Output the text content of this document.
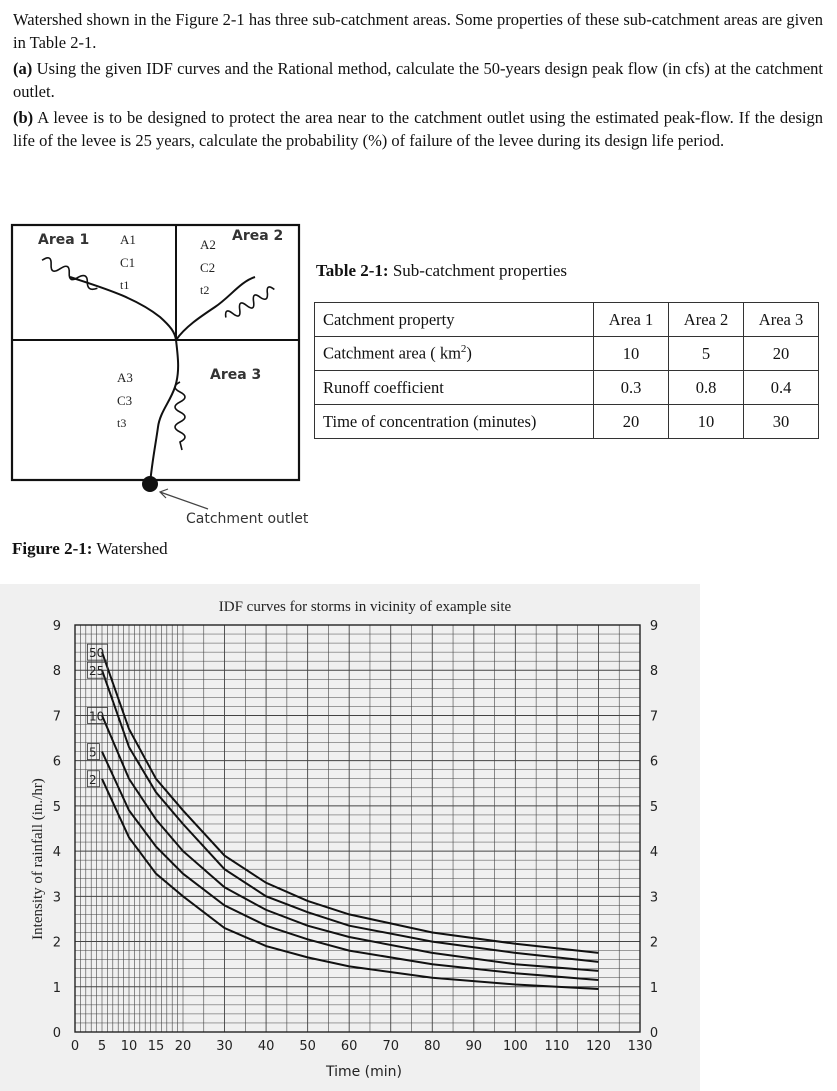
Watershed shown in the Figure 2-1 has three sub-catchment areas. Some properties of these sub-catchment areas are given in Table 2-1.

(a) Using the given IDF curves and the Rational method, calculate the 50-years design peak flow (in cfs) at the catchment outlet.

(b) A levee is to be designed to protect the area near to the catchment outlet using the estimated peak-flow. If the design life of the levee is 25 years, calculate the probability (%) of failure of the levee during its design life period.

Area 1 A1
C1
t1
A2
C2
t2
Area 2
Area 3
A3
C3
t3
Catchment outlet
Figure 2-1: Watershed
Table 2-1: Sub-catchment properties
Catchment property	Area 1	Area 2	Area 3
Catchment area ( $km^2$)	10	5	20
Runoff coefficient	0.3	0.8	0.4
Time of concentration (minutes)	20	10	30
0 5 10 15 20 30 40 50 60 70 80 90 100 110 120 130
0
1
2
3
4
5
6
7
8
9
0
1
2
3
4
5
6
7
8
9
50
25
10
5
2
IDF curves for storms in vicinity of example site
Time (min)
Intensity of rainfall (in./hr)
